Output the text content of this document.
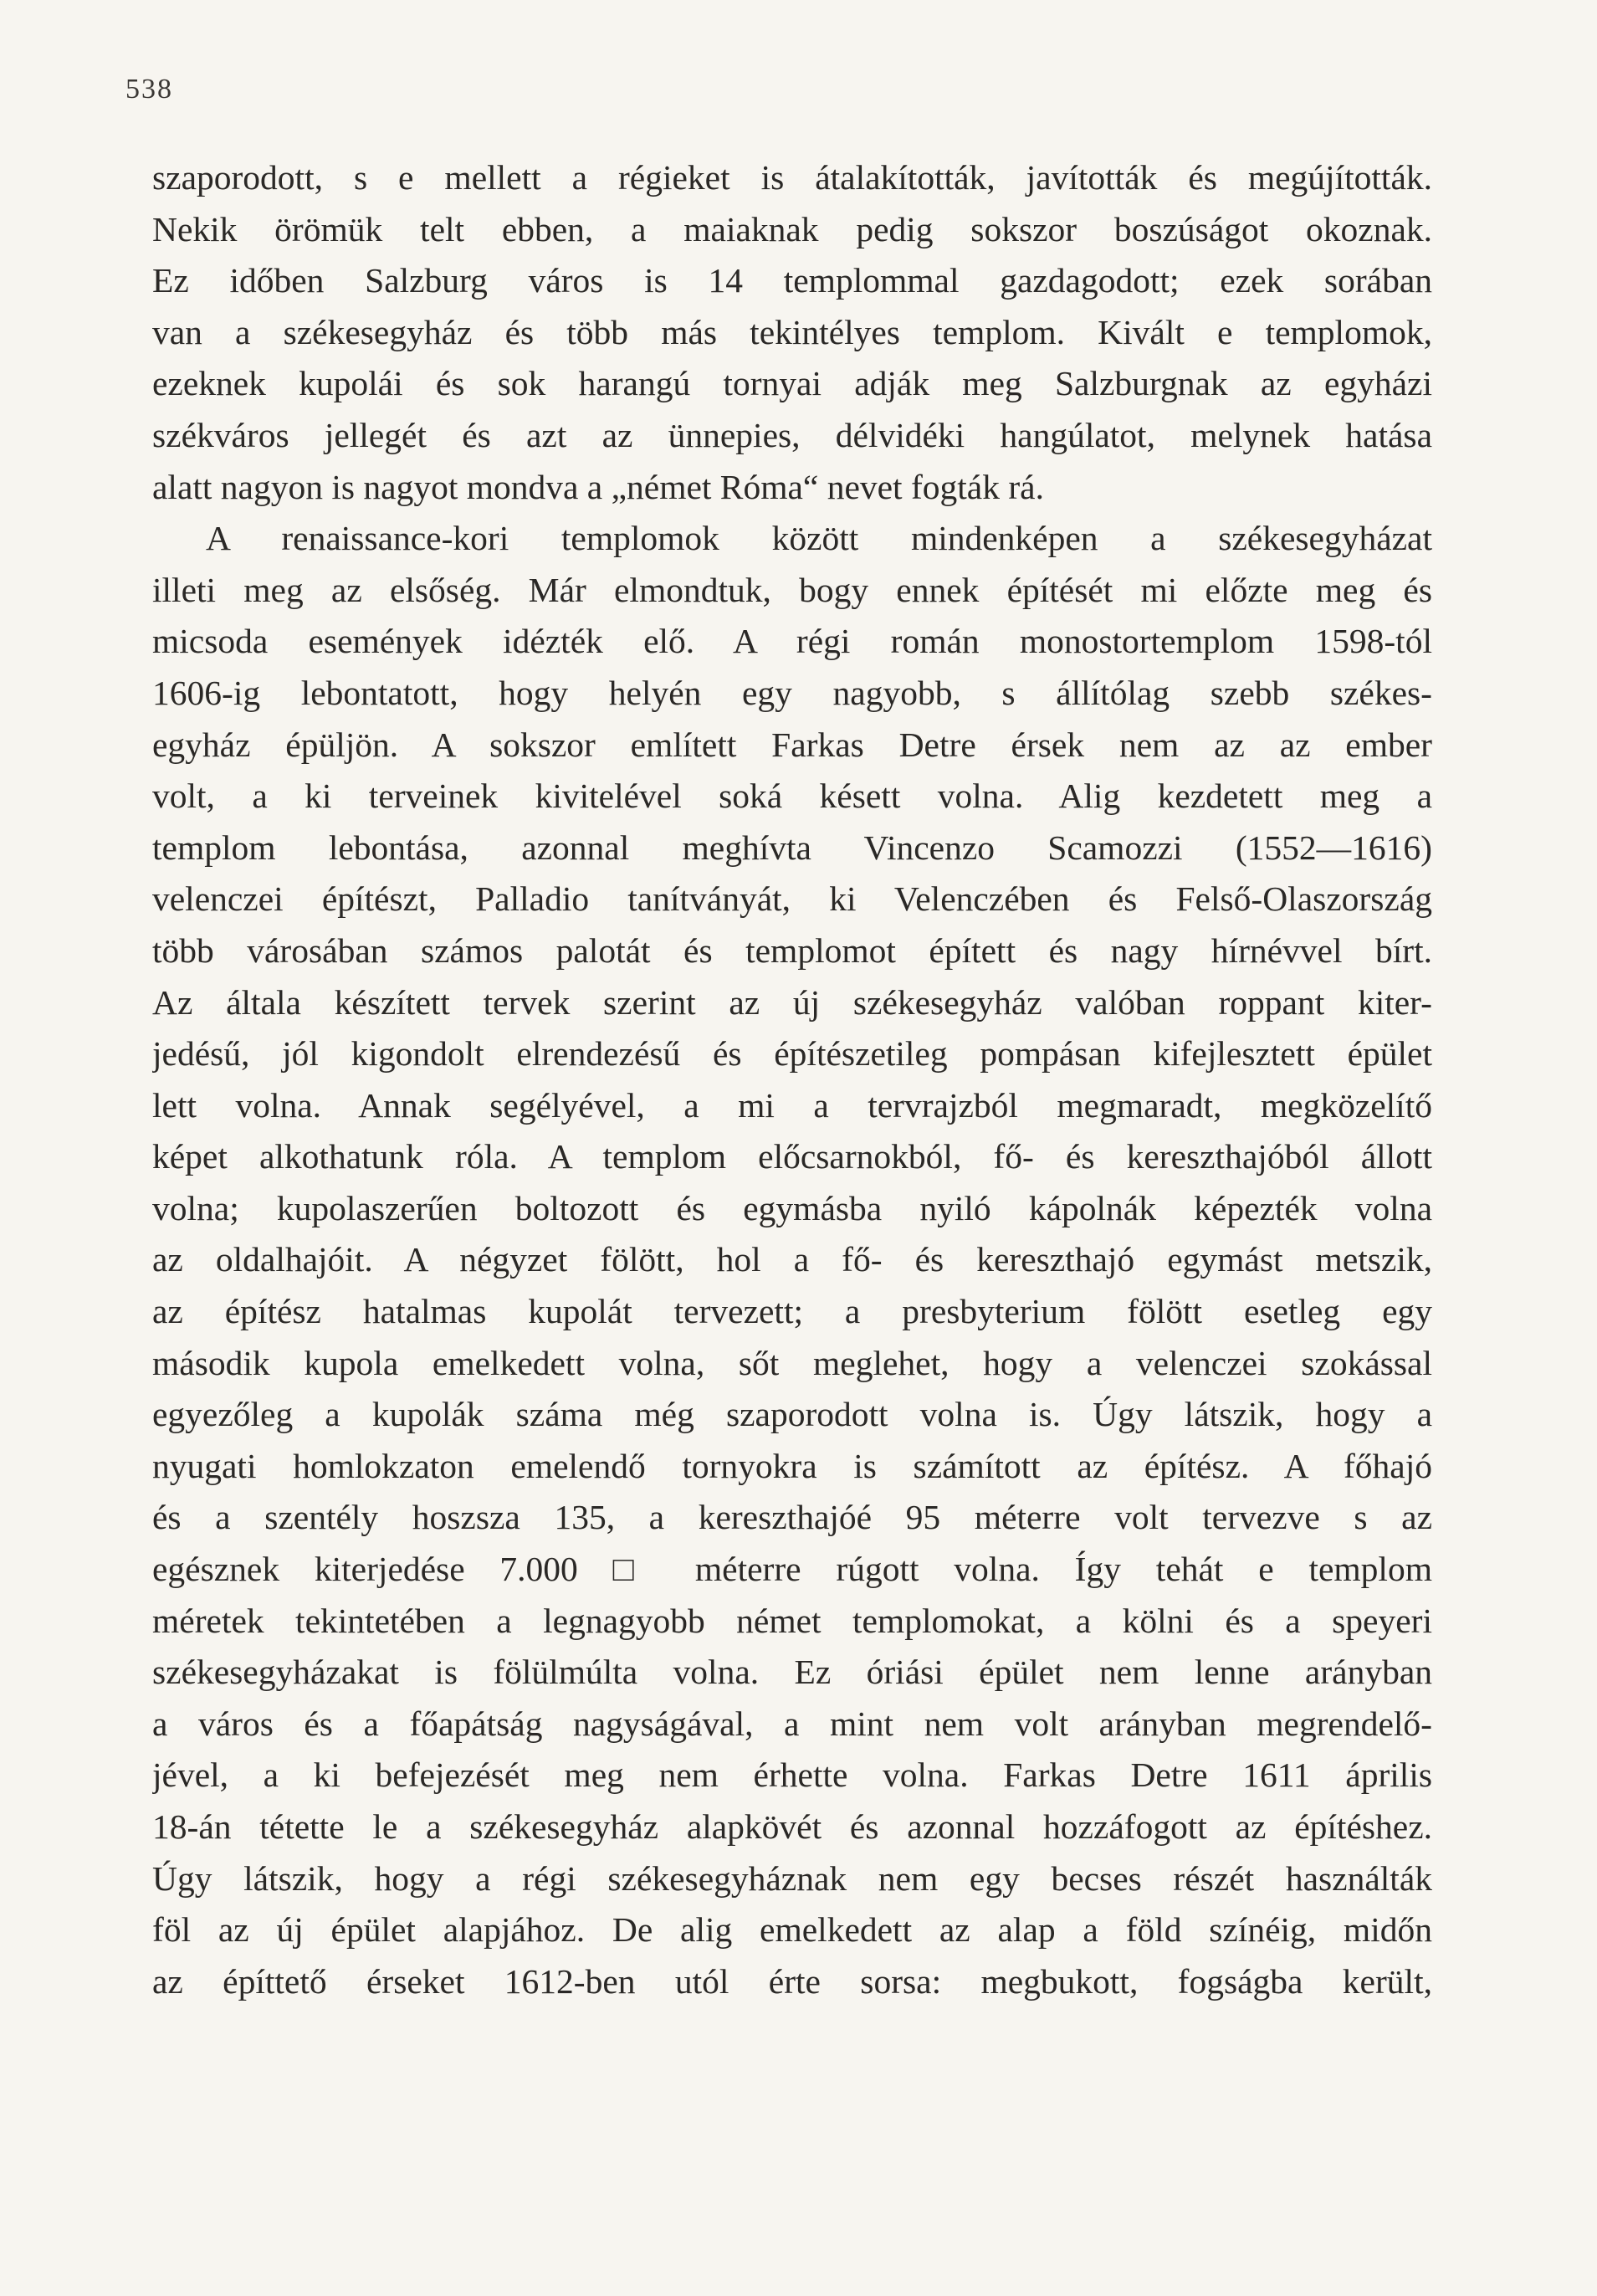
538
szaporodott, s e mellett a régieket is átalakították, javították és megújították.
Nekik örömük telt ebben, a maiaknak pedig sokszor boszúságot okoznak.
Ez időben Salzburg város is 14 templommal gazdagodott; ezek sorában
van a székesegyház és több más tekintélyes templom. Kivált e templomok,
ezeknek kupolái és sok harangú tornyai adják meg Salzburgnak az egyházi
székváros jellegét és azt az ünnepies, délvidéki hangúlatot, melynek hatása
alatt nagyon is nagyot mondva a „német Róma“ nevet fogták rá.
A renaissance-kori templomok között mindenképen a székesegyházat
illeti meg az elsőség. Már elmondtuk, bogy ennek építését mi előzte meg és
micsoda események idézték elő. A régi román monostortemplom 1598-tól
1606-ig lebontatott, hogy helyén egy nagyobb, s állítólag szebb székes-
egyház épüljön. A sokszor említett Farkas Detre érsek nem az az ember
volt, a ki terveinek kivitelével soká késett volna. Alig kezdetett meg a
templom lebontása, azonnal meghívta Vincenzo Scamozzi (1552—1616)
velenczei építészt, Palladio tanítványát, ki Velenczében és Felső-Olaszország
több városában számos palotát és templomot épített és nagy hírnévvel bírt.
Az általa készített tervek szerint az új székesegyház valóban roppant kiter-
jedésű, jól kigondolt elrendezésű és építészetileg pompásan kifejlesztett épület
lett volna. Annak segélyével, a mi a tervrajzból megmaradt, megközelítő
képet alkothatunk róla. A templom előcsarnokból, fő- és kereszthajóból állott
volna; kupolaszerűen boltozott és egymásba nyiló kápolnák képezték volna
az oldalhajóit. A négyzet fölött, hol a fő- és kereszthajó egymást metszik,
az építész hatalmas kupolát tervezett; a presbyterium fölött esetleg egy
második kupola emelkedett volna, sőt meglehet, hogy a velenczei szokással
egyezőleg a kupolák száma még szaporodott volna is. Úgy látszik, hogy a
nyugati homlokzaton emelendő tornyokra is számított az építész. A főhajó
és a szentély hoszsza 135, a kereszthajóé 95 méterre volt tervezve s az
egésznek kiterjedése 7.000 □ méterre rúgott volna. Így tehát e templom
méretek tekintetében a legnagyobb német templomokat, a kölni és a speyeri
székesegyházakat is fölülmúlta volna. Ez óriási épület nem lenne arányban
a város és a főapátság nagyságával, a mint nem volt arányban megrendelő-
jével, a ki befejezését meg nem érhette volna. Farkas Detre 1611 április
18-án tétette le a székesegyház alapkövét és azonnal hozzáfogott az építéshez.
Úgy látszik, hogy a régi székesegyháznak nem egy becses részét használták
föl az új épület alapjához. De alig emelkedett az alap a föld színéig, midőn
az építtető érseket 1612-ben utól érte sorsa: megbukott, fogságba került,
